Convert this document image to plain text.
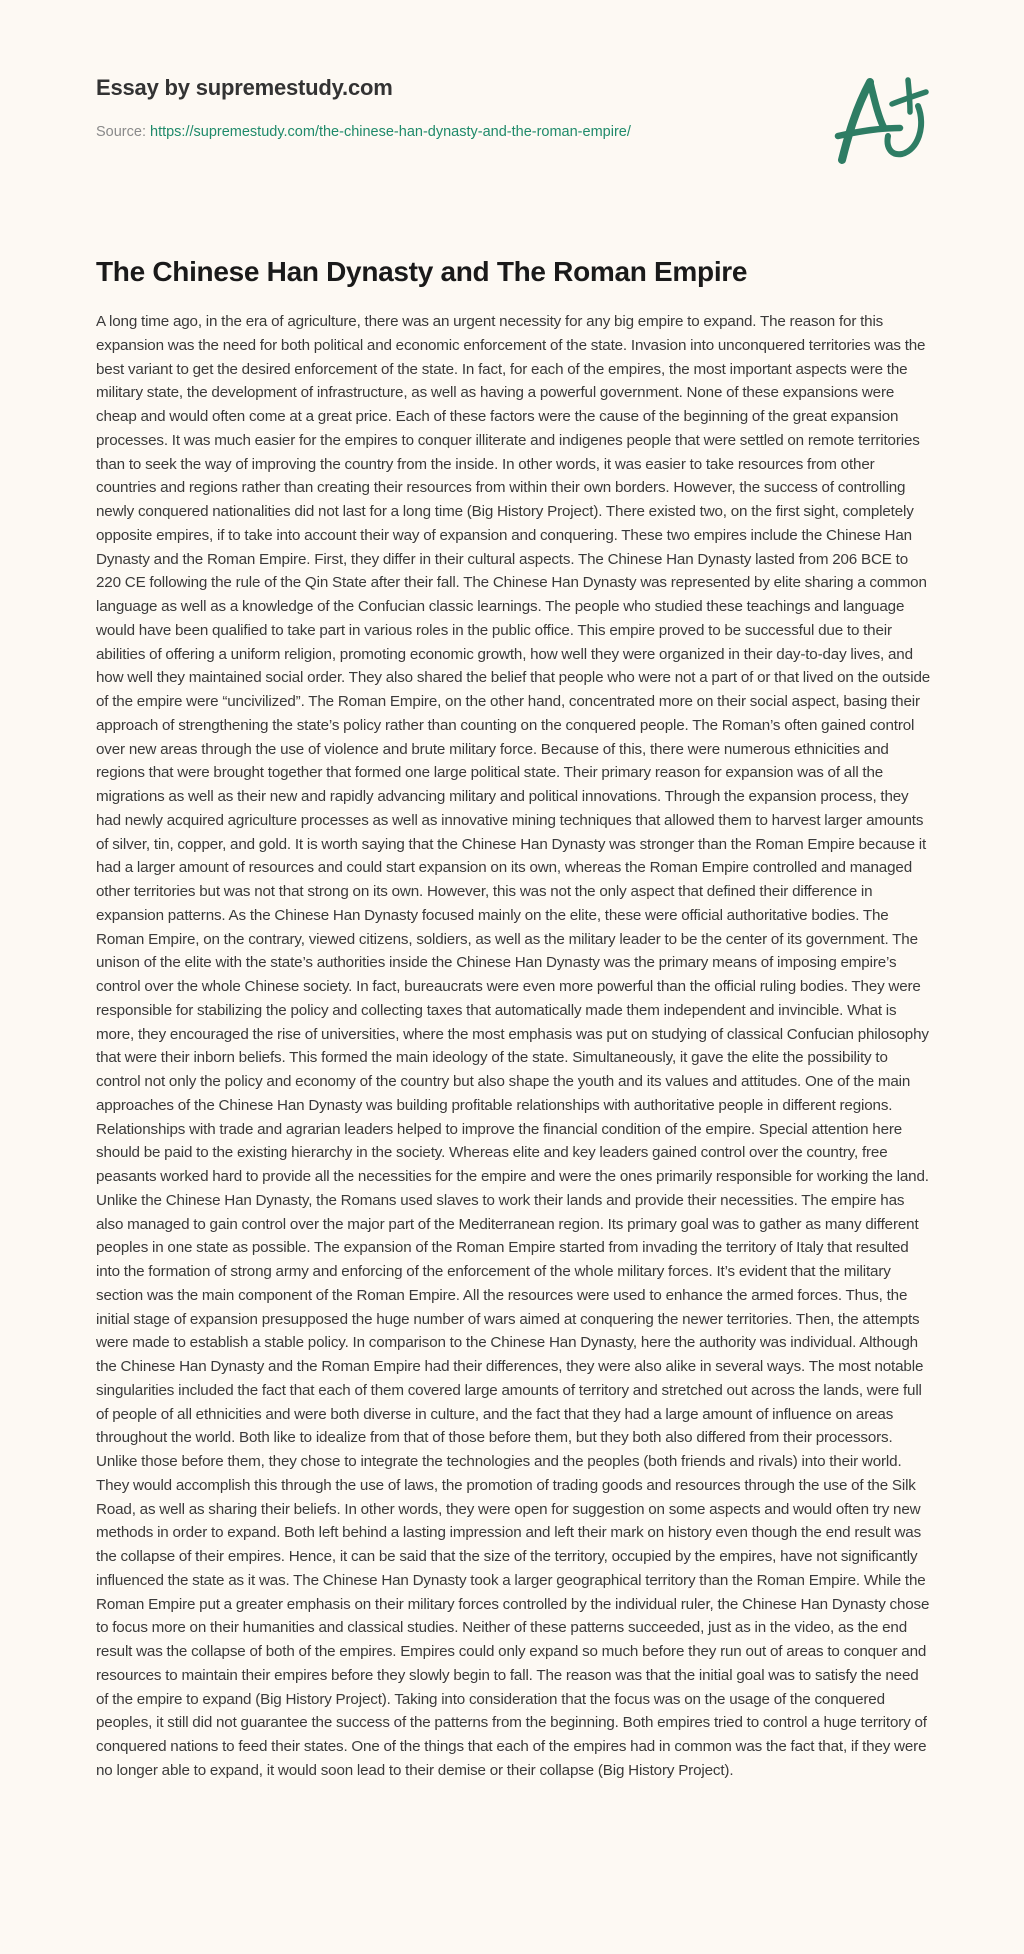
Essay by supremestudy.com
Source: https://supremestudy.com/the-chinese-han-dynasty-and-the-roman-empire/
The Chinese Han Dynasty and The Roman Empire

A long time ago, in the era of agriculture, there was an urgent necessity for any big empire to expand. The reason for this expansion was the need for both political and economic enforcement of the state. Invasion into unconquered territories was the best variant to get the desired enforcement of the state. In fact, for each of the empires, the most important aspects were the military state, the development of infrastructure, as well as having a powerful government. None of these expansions were cheap and would often come at a great price. Each of these factors were the cause of the beginning of the great expansion processes. It was much easier for the empires to conquer illiterate and indigenes people that were settled on remote territories than to seek the way of improving the country from the inside. In other words, it was easier to take resources from other countries and regions rather than creating their resources from within their own borders. However, the success of controlling newly conquered nationalities did not last for a long time (Big History Project). There existed two, on the first sight, completely opposite empires, if to take into account their way of expansion and conquering. These two empires include the Chinese Han Dynasty and the Roman Empire. First, they differ in their cultural aspects. The Chinese Han Dynasty lasted from 206 BCE to 220 CE following the rule of the Qin State after their fall. The Chinese Han Dynasty was represented by elite sharing a common language as well as a knowledge of the Confucian classic learnings. The people who studied these teachings and language would have been qualified to take part in various roles in the public office. This empire proved to be successful due to their abilities of offering a uniform religion, promoting economic growth, how well they were organized in their day-to-day lives, and how well they maintained social order. They also shared the belief that people who were not a part of or that lived on the outside of the empire were “uncivilized”. The Roman Empire, on the other hand, concentrated more on their social aspect, basing their approach of strengthening the state’s policy rather than counting on the conquered people. The Roman’s often gained control over new areas through the use of violence and brute military force. Because of this, there were numerous ethnicities and regions that were brought together that formed one large political state. Their primary reason for expansion was of all the migrations as well as their new and rapidly advancing military and political innovations. Through the expansion process, they had newly acquired agriculture processes as well as innovative mining techniques that allowed them to harvest larger amounts of silver, tin, copper, and gold. It is worth saying that the Chinese Han Dynasty was stronger than the Roman Empire because it had a larger amount of resources and could start expansion on its own, whereas the Roman Empire controlled and managed other territories but was not that strong on its own. However, this was not the only aspect that defined their difference in expansion patterns. As the Chinese Han Dynasty focused mainly on the elite, these were official authoritative bodies. The Roman Empire, on the contrary, viewed citizens, soldiers, as well as the military leader to be the center of its government. The unison of the elite with the state’s authorities inside the Chinese Han Dynasty was the primary means of imposing empire’s control over the whole Chinese society. In fact, bureaucrats were even more powerful than the official ruling bodies. They were responsible for stabilizing the policy and collecting taxes that automatically made them independent and invincible. What is more, they encouraged the rise of universities, where the most emphasis was put on studying of classical Confucian philosophy that were their inborn beliefs. This formed the main ideology of the state. Simultaneously, it gave the elite the possibility to control not only the policy and economy of the country but also shape the youth and its values and attitudes. One of the main approaches of the Chinese Han Dynasty was building profitable relationships with authoritative people in different regions. Relationships with trade and agrarian leaders helped to improve the financial condition of the empire. Special attention here should be paid to the existing hierarchy in the society. Whereas elite and key leaders gained control over the country, free peasants worked hard to provide all the necessities for the empire and were the ones primarily responsible for working the land. Unlike the Chinese Han Dynasty, the Romans used slaves to work their lands and provide their necessities. The empire has also managed to gain control over the major part of the Mediterranean region. Its primary goal was to gather as many different peoples in one state as possible. The expansion of the Roman Empire started from invading the territory of Italy that resulted into the formation of strong army and enforcing of the enforcement of the whole military forces. It’s evident that the military section was the main component of the Roman Empire. All the resources were used to enhance the armed forces. Thus, the initial stage of expansion presupposed the huge number of wars aimed at conquering the newer territories. Then, the attempts were made to establish a stable policy. In comparison to the Chinese Han Dynasty, here the authority was individual. Although the Chinese Han Dynasty and the Roman Empire had their differences, they were also alike in several ways. The most notable singularities included the fact that each of them covered large amounts of territory and stretched out across the lands, were full of people of all ethnicities and were both diverse in culture, and the fact that they had a large amount of influence on areas throughout the world. Both like to idealize from that of those before them, but they both also differed from their processors. Unlike those before them, they chose to integrate the technologies and the peoples (both friends and rivals) into their world. They would accomplish this through the use of laws, the promotion of trading goods and resources through the use of the Silk Road, as well as sharing their beliefs. In other words, they were open for suggestion on some aspects and would often try new methods in order to expand. Both left behind a lasting impression and left their mark on history even though the end result was the collapse of their empires. Hence, it can be said that the size of the territory, occupied by the empires, have not significantly influenced the state as it was. The Chinese Han Dynasty took a larger geographical territory than the Roman Empire. While the Roman Empire put a greater emphasis on their military forces controlled by the individual ruler, the Chinese Han Dynasty chose to focus more on their humanities and classical studies. Neither of these patterns succeeded, just as in the video, as the end result was the collapse of both of the empires. Empires could only expand so much before they run out of areas to conquer and resources to maintain their empires before they slowly begin to fall. The reason was that the initial goal was to satisfy the need of the empire to expand (Big History Project). Taking into consideration that the focus was on the usage of the conquered peoples, it still did not guarantee the success of the patterns from the beginning. Both empires tried to control a huge territory of conquered nations to feed their states. One of the things that each of the empires had in common was the fact that, if they were no longer able to expand, it would soon lead to their demise or their collapse (Big History Project).
